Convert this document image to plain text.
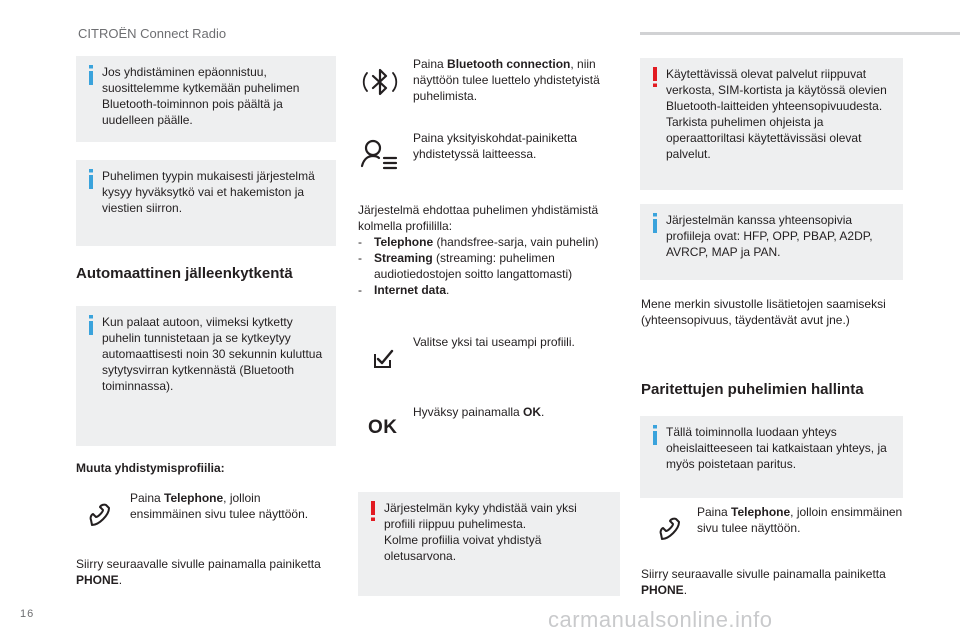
CITROËN Connect Radio

Jos yhdistäminen epäonnistuu, suosittelemme kytkemään puhelimen Bluetooth-toiminnon pois päältä ja uudelleen päälle.

Puhelimen tyypin mukaisesti järjestelmä kysyy hyväksytkö vai et hakemiston ja viestien siirron.

Automaattinen jälleenkytkentä

Kun palaat autoon, viimeksi kytketty puhelin tunnistetaan ja se kytkeytyy automaattisesti noin 30 sekunnin kuluttua sytytysvirran kytkennästä (Bluetooth toiminnassa).

Muuta yhdistymisprofiilia:

Paina Telephone, jolloin ensimmäinen sivu tulee näyttöön.

Siirry seuraavalle sivulle painamalla painiketta PHONE.

Paina Bluetooth connection, niin näyttöön tulee luettelo yhdistetyistä puhelimista.

Paina yksityiskohdat-painiketta yhdistetyssä laitteessa.

Järjestelmä ehdottaa puhelimen yhdistämistä kolmella profiililla:

- Telephone (handsfree-sarja, vain puhelin)
- Streaming (streaming: puhelimen audiotiedostojen soitto langattomasti)
- Internet data.

Valitse yksi tai useampi profiili.

OK

Hyväksy painamalla OK.

Järjestelmän kyky yhdistää vain yksi profiili riippuu puhelimesta.

Kolme profiilia voivat yhdistyä oletusarvona.

Käytettävissä olevat palvelut riippuvat verkosta, SIM-kortista ja käytössä olevien Bluetooth-laitteiden yhteensopivuudesta. Tarkista puhelimen ohjeista ja operaattoriltasi käytettävissäsi olevat palvelut.

Järjestelmän kanssa yhteensopivia profiileja ovat: HFP, OPP, PBAP, A2DP, AVRCP, MAP ja PAN.

Mene merkin sivustolle lisätietojen saamiseksi (yhteensopivuus, täydentävät avut jne.)

Paritettujen puhelimien hallinta

Tällä toiminnolla luodaan yhteys oheislaitteeseen tai katkaistaan yhteys, ja myös poistetaan paritus.

Paina Telephone, jolloin ensimmäinen sivu tulee näyttöön.

Siirry seuraavalle sivulle painamalla painiketta PHONE.

16	carmanualsonline.info
